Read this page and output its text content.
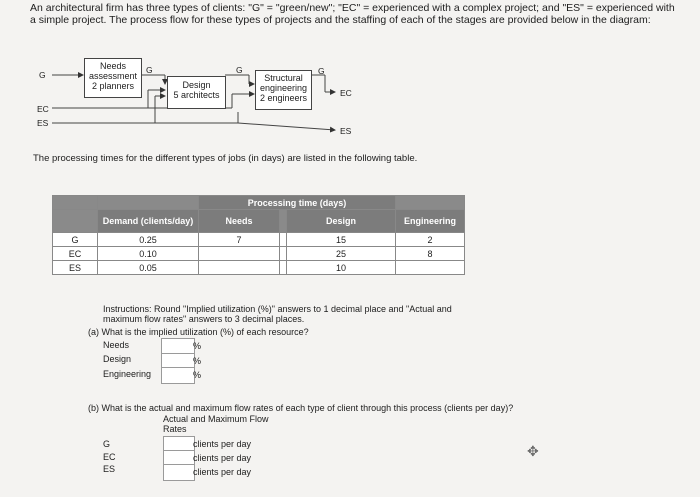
An architectural firm has three types of clients: "G" = "green/new"; "EC" = experienced with a complex project; and "ES" = experienced with a simple project. The process flow for these types of projects and the staffing of each of the stages are provided below in the diagram:
G	G	G	G
EC
EC
ES
ES
Needs
assessment
2 planners	Design
5 architects
Structural
engineering
2 engineers
The processing times for the different types of jobs (in days) are listed in the following table.
		Processing time (days)			
	Demand (clients/day)	Needs		Design	Engineering
G	0.25	7		15	2
EC	0.10			25	8
ES	0.05			10	
Instructions: Round "Implied utilization (%)" answers to 1 decimal place and "Actual and maximum flow rates" answers to 3 decimal places.
(a) What is the implied utilization (%) of each resource?
Needs	%
Design	%
Engineering	%
(b) What is the actual and maximum flow rates of each type of client through this process (clients per day)?
Actual and Maximum Flow
Rates
G
EC
ES
clients per day
clients per day
clients per day
✥
